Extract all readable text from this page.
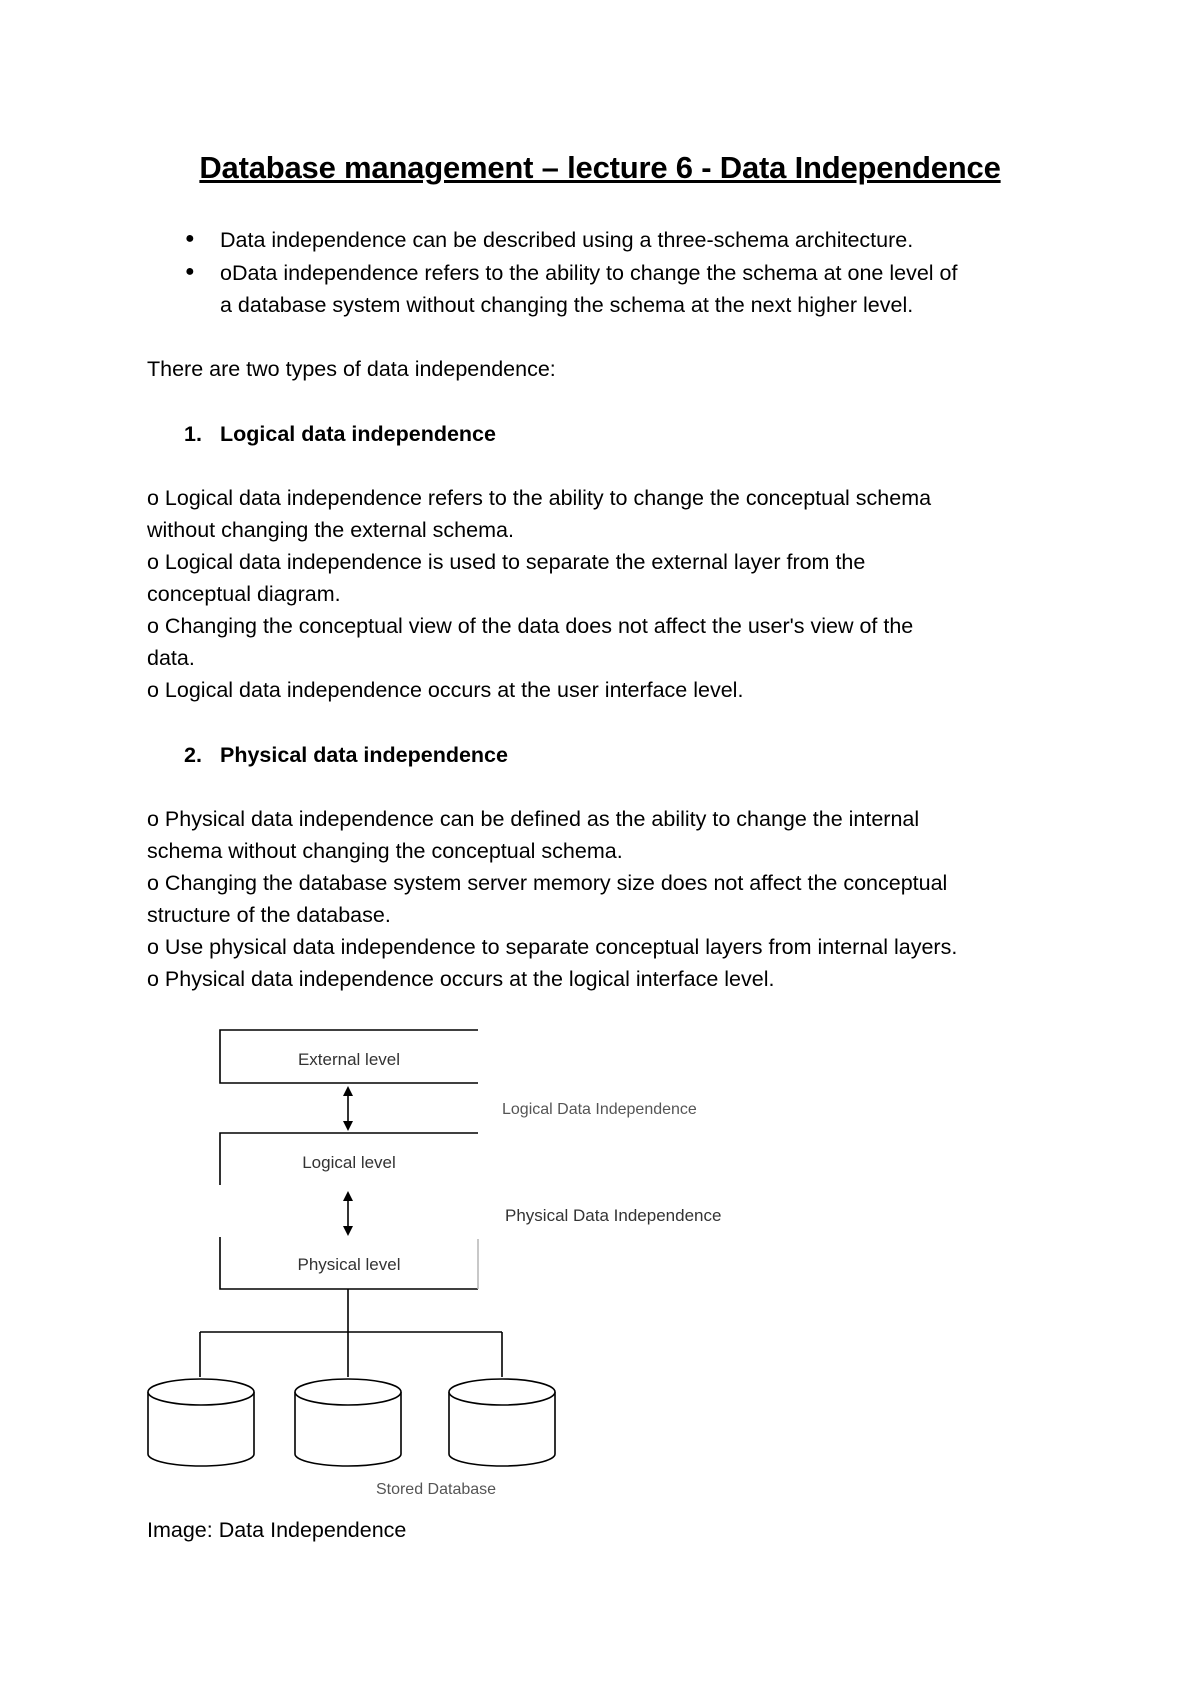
Database management – lecture 6 - Data Independence
● Data independence can be described using a three-schema architecture.
● oData independence refers to the ability to change the schema at one level of
a database system without changing the schema at the next higher level.
There are two types of data independence:
1. Logical data independence
o Logical data independence refers to the ability to change the conceptual schema
without changing the external schema.
o Logical data independence is used to separate the external layer from the
conceptual diagram.
o Changing the conceptual view of the data does not affect the user's view of the
data.
o Logical data independence occurs at the user interface level.
2. Physical data independence
o Physical data independence can be defined as the ability to change the internal
schema without changing the conceptual schema.
o Changing the database system server memory size does not affect the conceptual
structure of the database.
o Use physical data independence to separate conceptual layers from internal layers.
o Physical data independence occurs at the logical interface level.
External level
Logical level
Physical level
Logical Data Independence
Physical Data Independence
Stored Database
Image: Data Independence
